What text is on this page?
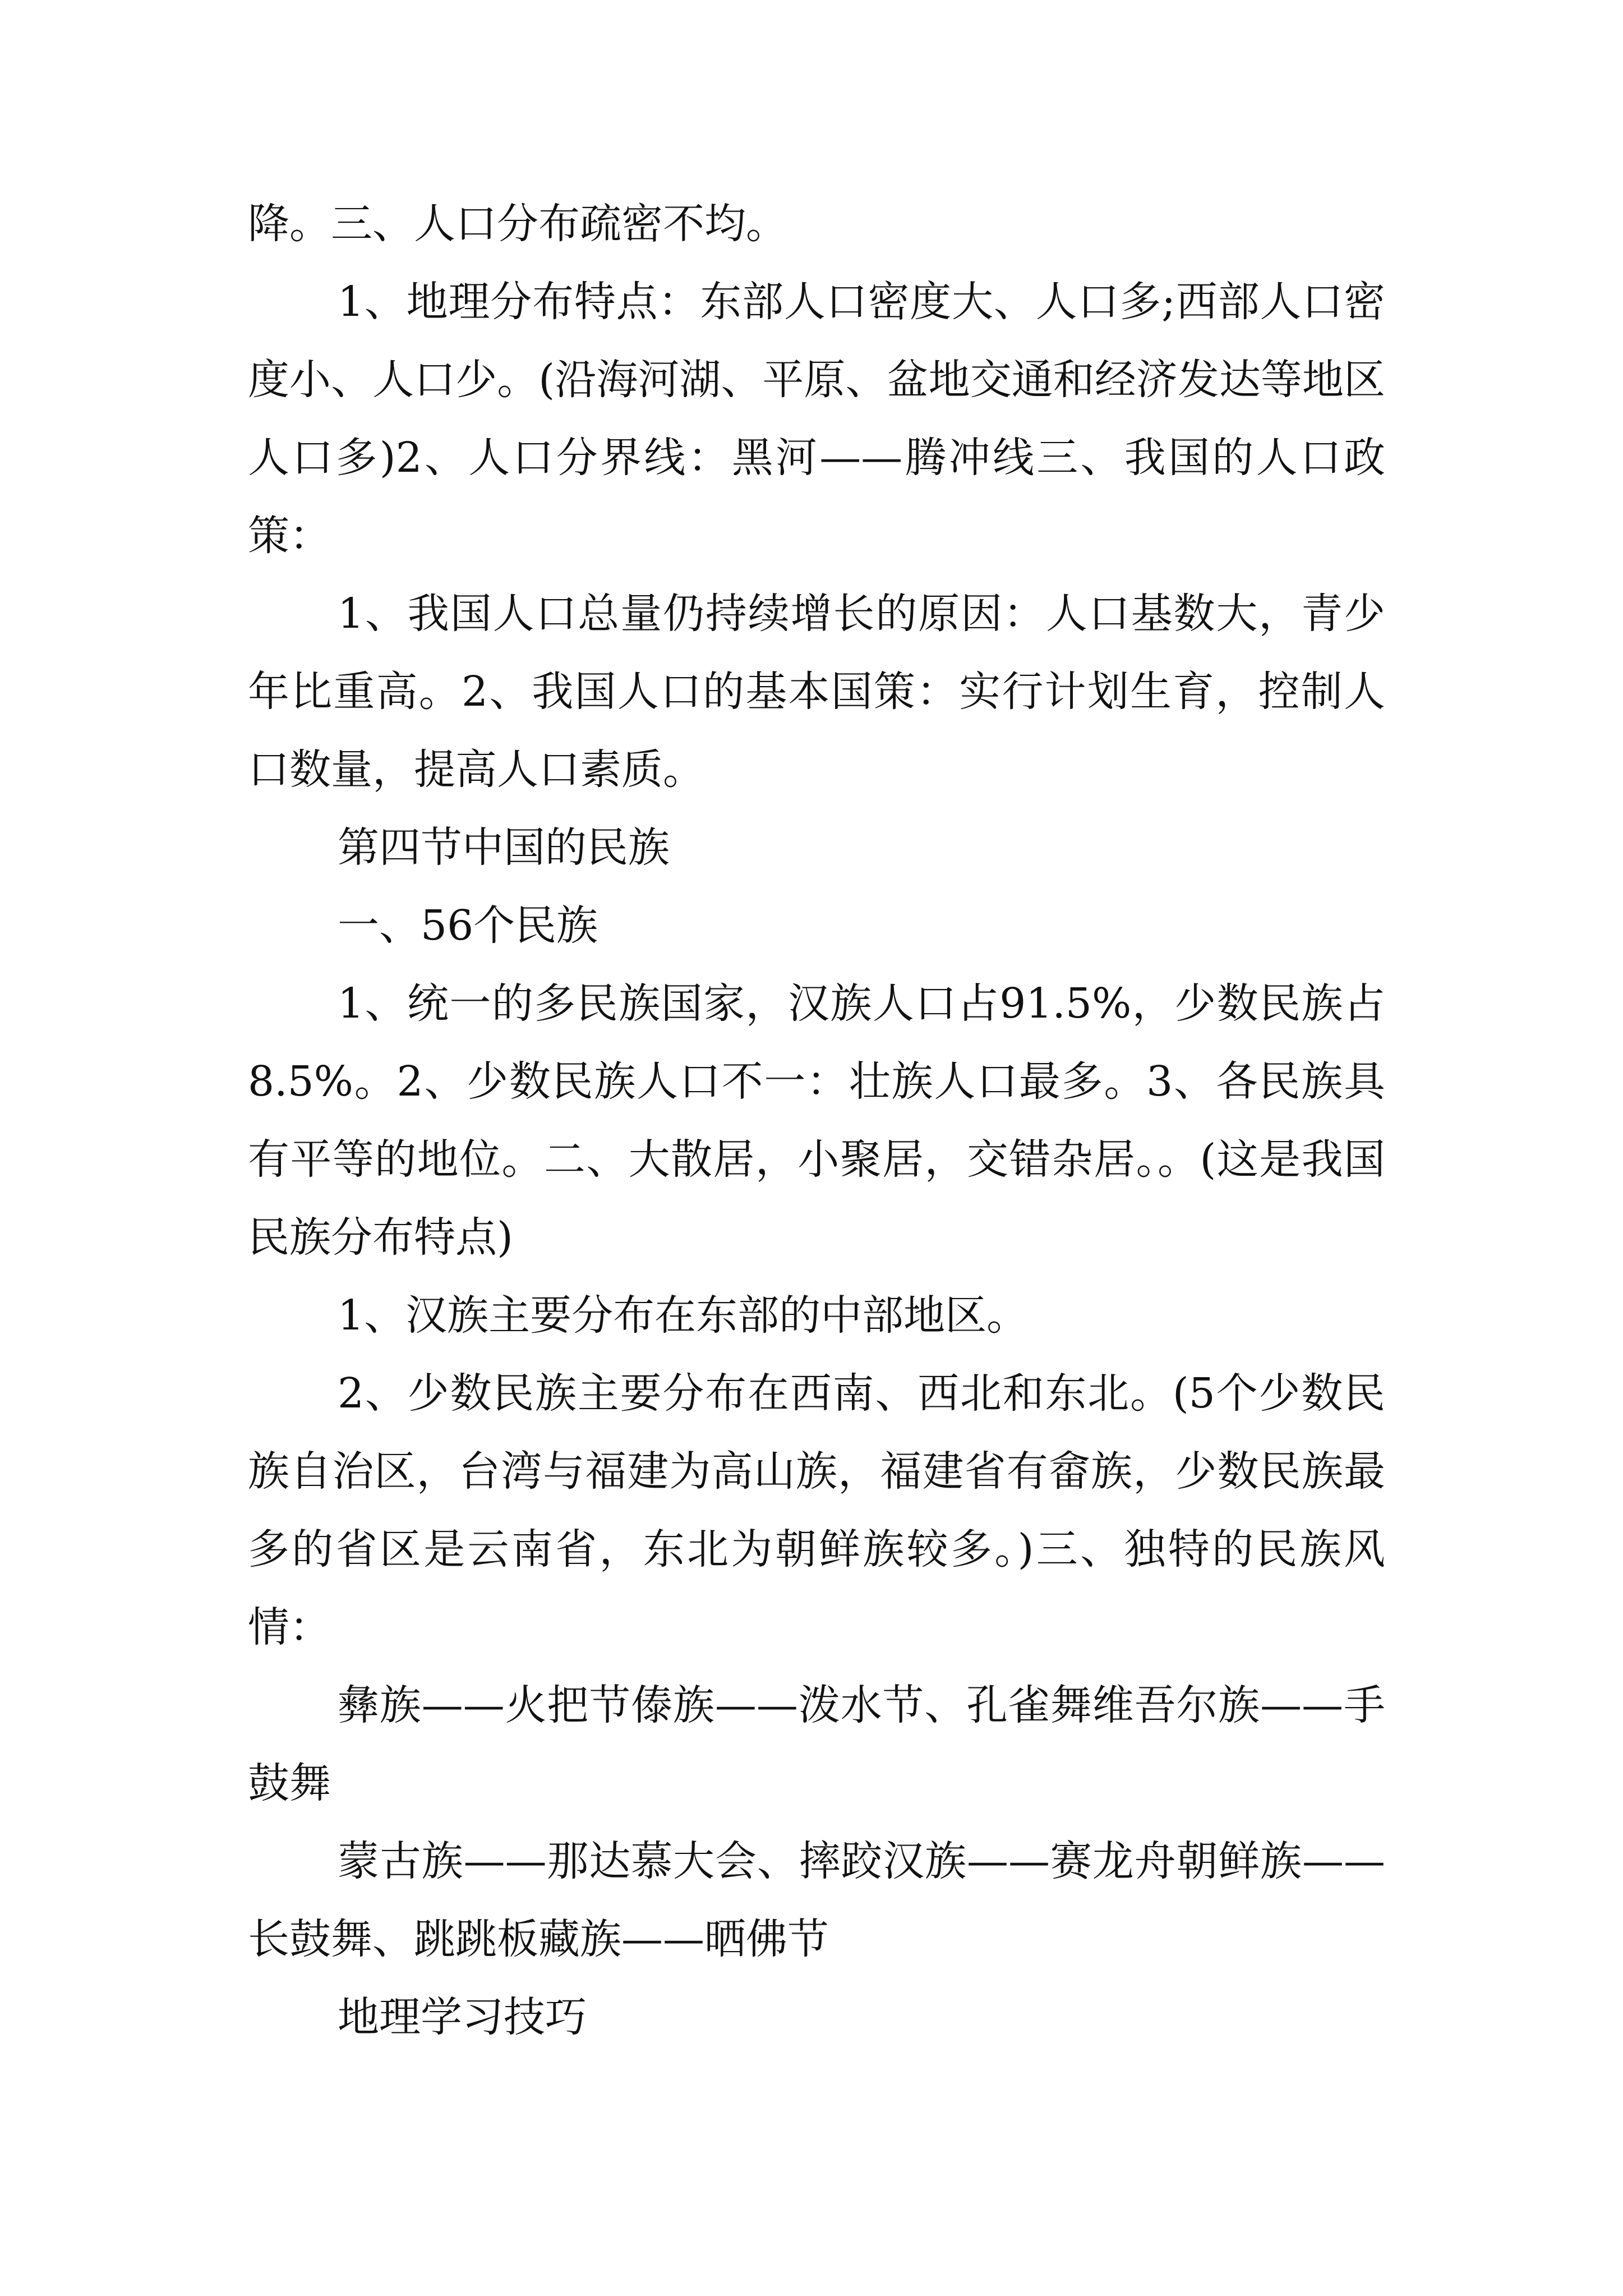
降。三、人口分布疏密不均。

1、地理分布特点：东部人口密度大、人口多;西部人口密度小、人口少。(沿海河湖、平原、盆地交通和经济发达等地区人口多)2、人口分界线：黑河——腾冲线三、我国的人口政策：

1、我国人口总量仍持续增长的原因：人口基数大，青少年比重高。2、我国人口的基本国策：实行计划生育，控制人口数量，提高人口素质。

第四节中国的民族

一、56个民族

1、统一的多民族国家，汉族人口占91.5%，少数民族占8.5%。2、少数民族人口不一：壮族人口最多。3、各民族具有平等的地位。二、大散居，小聚居，交错杂居。。(这是我国民族分布特点)

1、汉族主要分布在东部的中部地区。

2、少数民族主要分布在西南、西北和东北。(5个少数民族自治区，台湾与福建为高山族，福建省有畲族，少数民族最多的省区是云南省，东北为朝鲜族较多。)三、独特的民族风情：

彝族——火把节傣族——泼水节、孔雀舞维吾尔族——手鼓舞

蒙古族——那达慕大会、摔跤汉族——赛龙舟朝鲜族——长鼓舞、跳跳板藏族——晒佛节

地理学习技巧
